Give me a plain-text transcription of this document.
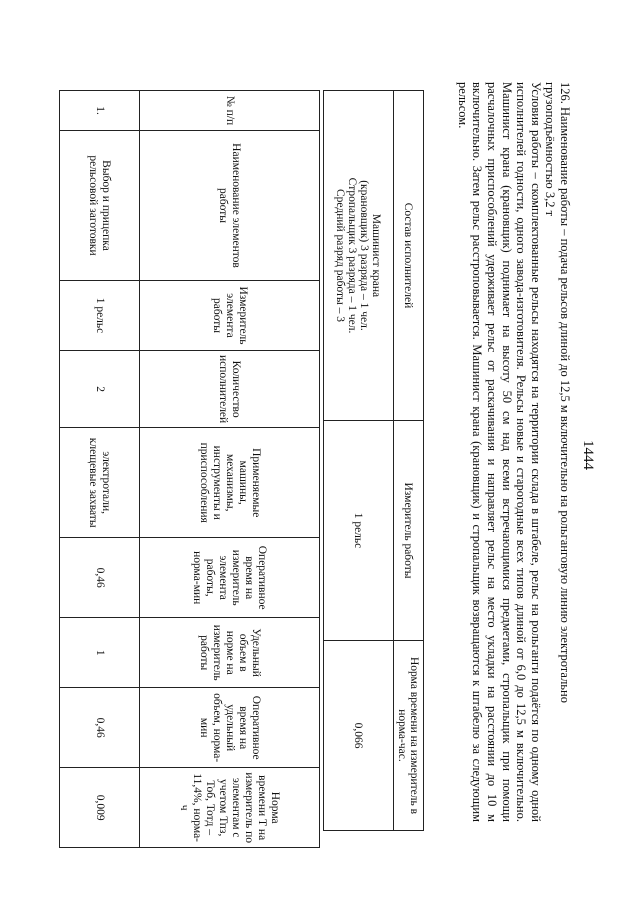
1444

126. Наименование работы – подача рельсов длиной до 12,5 м включительно на рольганговую линию электротально

грузоподъёмностью 3,2 т

Условия работы – скомплектованные рельсы находятся на территории склада в штабеле, рельс на рольганги подаётся по одному одной исполнителей годности, одного завода-изготовителя. Рельсы новые и старогодные всех типов длиной от 6,0 до 12,5 м включительно. Машинист крана (крановщик) поднимает на высоту 50 см над всеми встречающимися предметами, стропальщик при помощи расчалочных приспособлений удерживает рельс от раскачивания и направляет рельс на место укладки на расстоянии до 10 м включительно. Затем рельс расстроповывается. Машинист крана (крановщик) и стропальщик возвращаются к штабелю за следующим рельсом.

Состав исполнителей	Измеритель работы	Норма времени на измеритель в норма-час.
Машинист крана
(крановщик) 3 разряда – 1 чел.
Стропальщик 3 разряда – 1 чел.
Средний разряд работы – 3	1 рельс	0,066
№ п/п	Наименование элементов работы	Измеритель элемента работы	Количество исполнителей	Применяемые машины, механизмы, инструменты и приспособления	Оперативное время на измеритель элемента работы, норма-мин	Удельный объем в норме на измеритель работы	Оперативное время на удельный объем, норма-мин	Норма времени Т на измеритель по элементам с учетом Тпз, Тоб, Тотд – 11,4%, норма-ч
1.	Выбор и прицепка рельсовой заготовки	1 рельс	2	электротали, клещевые захваты	0,46	1	0,46	0,009
